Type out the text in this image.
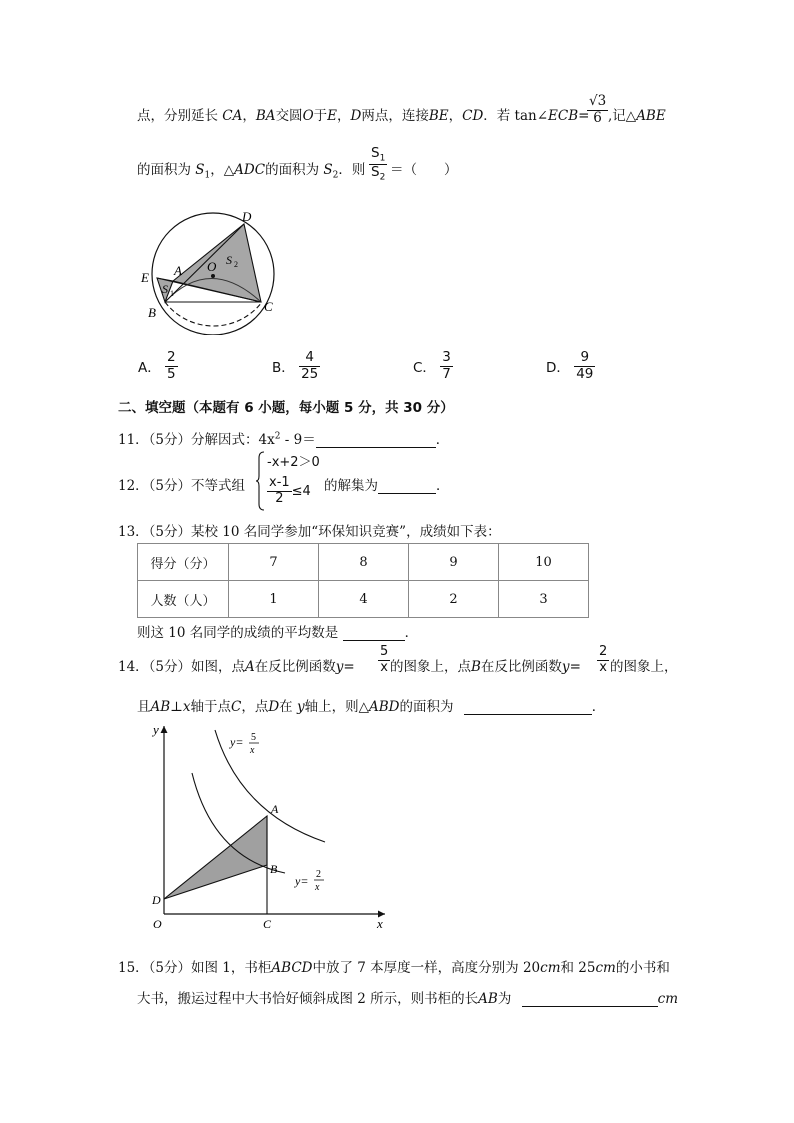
点，分别延长 CA，BA交圆O于E，D两点，连接BE，CD．若 tan∠ECB=
$\frac{√3}{6}$ ,记△ABE
的面积为 $S_1$，△ADC的面积为 $S_2$．则 $\frac{S_1}{S_2}$ ＝（　　）
D
E A O S 2
S 1
B	C
A． $\frac{2}{5}$	B． $\frac{4}{25}$	C． $\frac{3}{7}$	D． $\frac{9}{49}$
二、填空题（本题有 6 小题，每小题 5 分，共 30 分）
11．（5分）分解因式：$4x^2 - 9=$	．
12．（5分）不等式组
-x+2＞0
$\frac{x-1}{2} \le 4$ 的解集为	．
13．（5分）某校 10 名同学参加“环保知识竞赛”，成绩如下表：
得分（分）	7	8	9	10
人数（人）	1	4	2	3
则这 10 名同学的成绩的平均数是	．
14．（5分）如图，点A在反比例函数$y= \frac{5}{x}$ 的图象上，点B在反比例函数$y= \frac{2}{x}$ 的图象上，
且AB⊥x轴于点C，点D在 y轴上，则△ABD的面积为	．
y
x
y= 5
x
y= 2
x
A
B
C
D
O
15．（5分）如图 1，书柜ABCD中放了 7 本厚度一样，高度分别为 20cm和 25cm的小书和
大书，搬运过程中大书恰好倾斜成图 2 所示，则书柜的长AB为	cm
